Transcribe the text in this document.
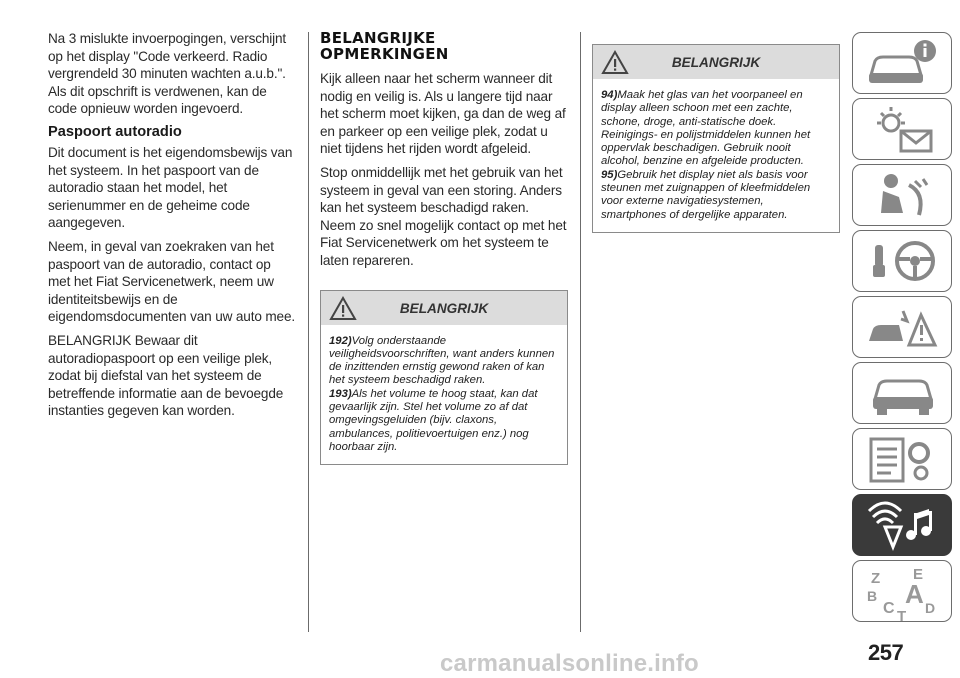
Na 3 mislukte invoerpogingen, verschijnt op het display "Code verkeerd. Radio vergrendeld 30 minuten wachten a.u.b.". Als dit opschrift is verdwenen, kan de code opnieuw worden ingevoerd.

Paspoort autoradio

Dit document is het eigendomsbewijs van het systeem. In het paspoort van de autoradio staan het model, het serienummer en de geheime code aangegeven.

Neem, in geval van zoekraken van het paspoort van de autoradio, contact op met het Fiat Servicenetwerk, neem uw identiteitsbewijs en de eigendomsdocumenten van uw auto mee.

BELANGRIJK Bewaar dit autoradiopaspoort op een veilige plek, zodat bij diefstal van het systeem de betreffende informatie aan de bevoegde instanties gegeven kan worden.

BELANGRIJKE
OPMERKINGEN

Kijk alleen naar het scherm wanneer dit nodig en veilig is. Als u langere tijd naar het scherm moet kijken, ga dan de weg af en parkeer op een veilige plek, zodat u niet tijdens het rijden wordt afgeleid.

Stop onmiddellijk met het gebruik van het systeem in geval van een storing. Anders kan het systeem beschadigd raken. Neem zo snel mogelijk contact op met het Fiat Servicenetwerk om het systeem te laten repareren.

BELANGRIJK

192)Volg onderstaande veiligheidsvoorschriften, want anders kunnen de inzittenden ernstig gewond raken of kan het systeem beschadigd raken.

193)Als het volume te hoog staat, kan dat gevaarlijk zijn. Stel het volume zo af dat omgevingsgeluiden (bijv. claxons, ambulances, politievoertuigen enz.) nog hoorbaar zijn.

BELANGRIJK

94)Maak het glas van het voorpaneel en display alleen schoon met een zachte, schone, droge, anti-statische doek. Reinigings- en polijstmiddelen kunnen het oppervlak beschadigen. Gebruik nooit alcohol, benzine en afgeleide producten.

95)Gebruik het display niet als basis voor steunen met zuignappen of kleefmiddelen voor externe navigatiesystemen, smartphones of dergelijke apparaten.

Z E
B A
C D
T
carmanualsonline.info	257
